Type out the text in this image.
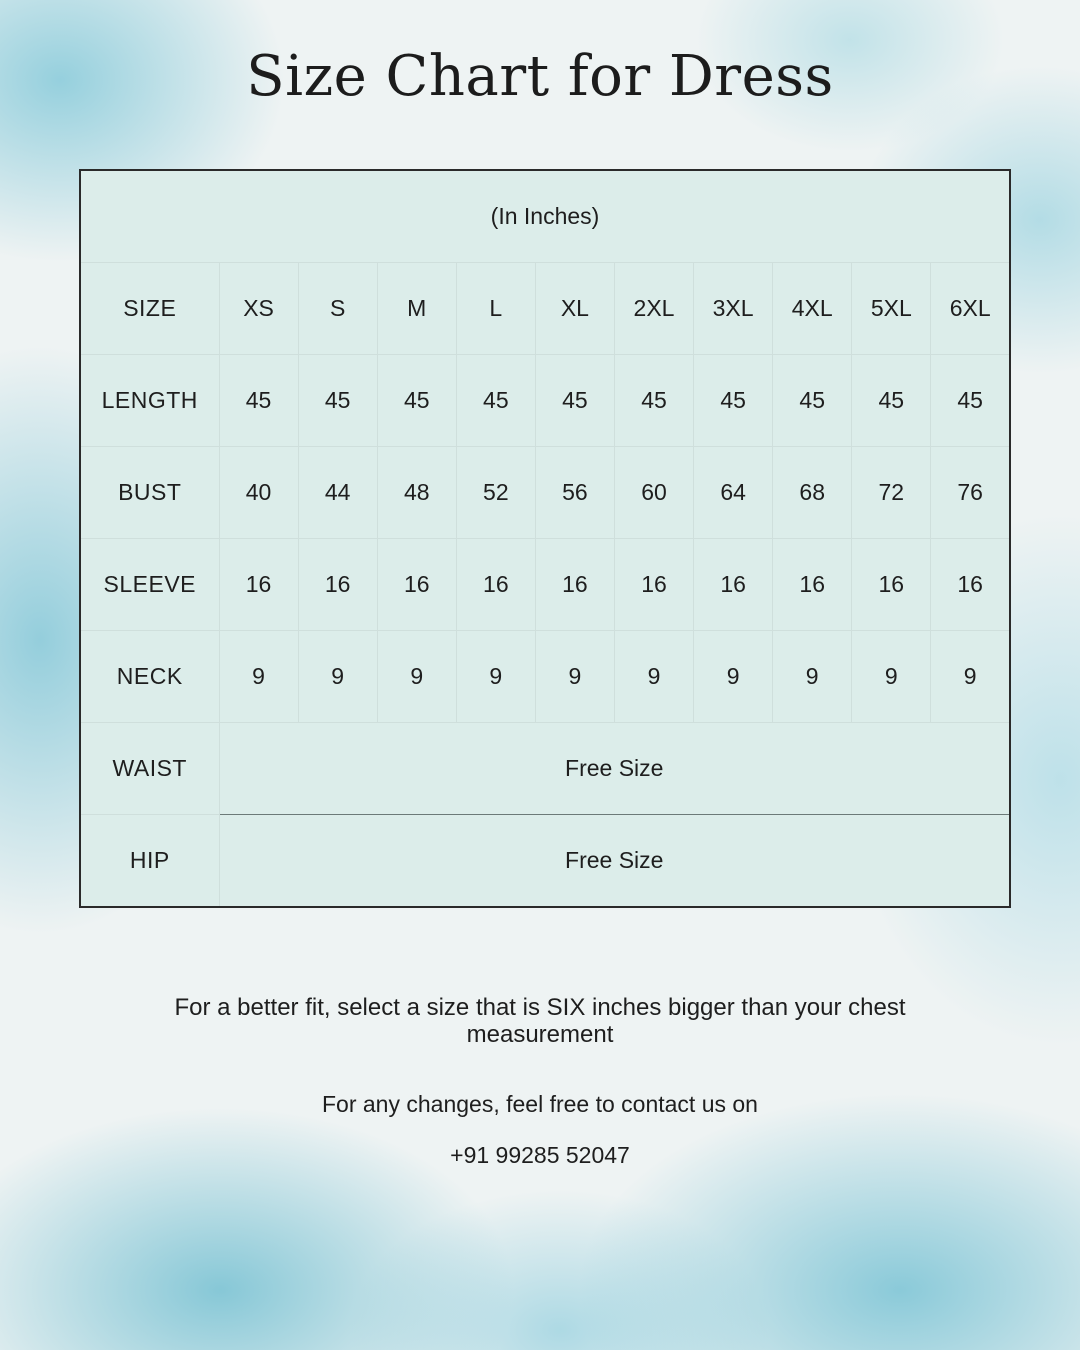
Size Chart for Dress
(In Inches)										
SIZE	XS	S	M	L	XL	2XL	3XL	4XL	5XL	6XL
LENGTH	45	45	45	45	45	45	45	45	45	45
BUST	40	44	48	52	56	60	64	68	72	76
SLEEVE	16	16	16	16	16	16	16	16	16	16
NECK	9	9	9	9	9	9	9	9	9	9
WAIST	Free Size									
HIP	Free Size									
For a better fit, select a size that is SIX inches bigger than your chest measurement
For any changes, feel free to contact us on
+91 99285 52047
